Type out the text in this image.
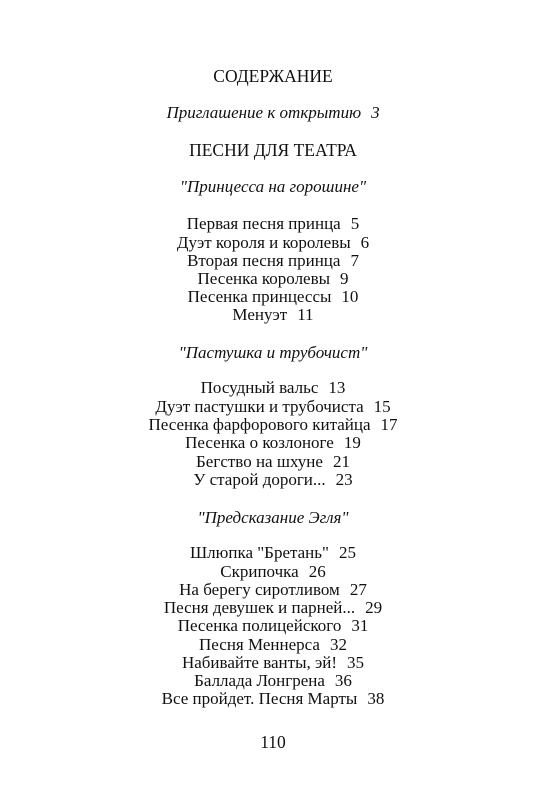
СОДЕРЖАНИЕ
Приглашение к открытию 3
ПЕСНИ ДЛЯ ТЕАТРА
"Принцесса на горошине"
Первая песня принца 5
Дуэт короля и королевы 6
Вторая песня принца 7
Песенка королевы 9
Песенка принцессы 10
Менуэт 11
"Пастушка и трубочист"
Посудный вальс 13
Дуэт пастушки и трубочиста 15
Песенка фарфорового китайца 17
Песенка о козлоноге 19
Бегство на шхуне 21
У старой дороги... 23
"Предсказание Эгля"
Шлюпка "Бретань" 25
Скрипочка 26
На берегу сиротливом 27
Песня девушек и парней... 29
Песенка полицейского 31
Песня Меннерса 32
Набивайте ванты, эй! 35
Баллада Лонгрена 36
Все пройдет. Песня Марты 38
110
